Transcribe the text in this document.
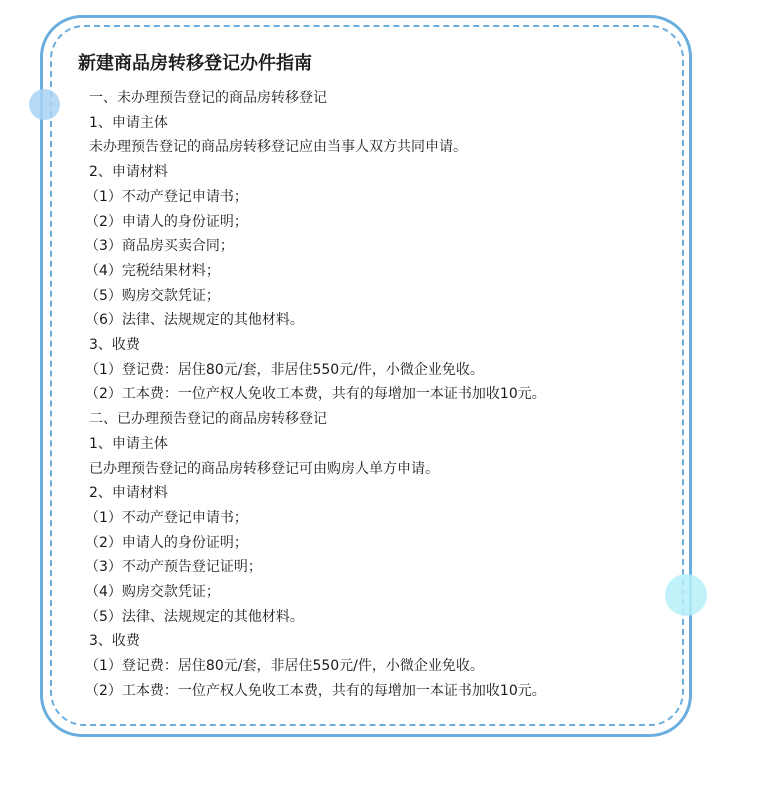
新建商品房转移登记办件指南
一、未办理预告登记的商品房转移登记
1、申请主体
未办理预告登记的商品房转移登记应由当事人双方共同申请。
2、申请材料
（1）不动产登记申请书；
（2）申请人的身份证明；
（3）商品房买卖合同；
（4）完税结果材料；
（5）购房交款凭证；
（6）法律、法规规定的其他材料。
3、收费
（1）登记费：居住80元/套，非居住550元/件，小微企业免收。
（2）工本费：一位产权人免收工本费，共有的每增加一本证书加收10元。
二、已办理预告登记的商品房转移登记
1、申请主体
已办理预告登记的商品房转移登记可由购房人单方申请。
2、申请材料
（1）不动产登记申请书；
（2）申请人的身份证明；
（3）不动产预告登记证明；
（4）购房交款凭证；
（5）法律、法规规定的其他材料。
3、收费
（1）登记费：居住80元/套，非居住550元/件，小微企业免收。
（2）工本费：一位产权人免收工本费，共有的每增加一本证书加收10元。
